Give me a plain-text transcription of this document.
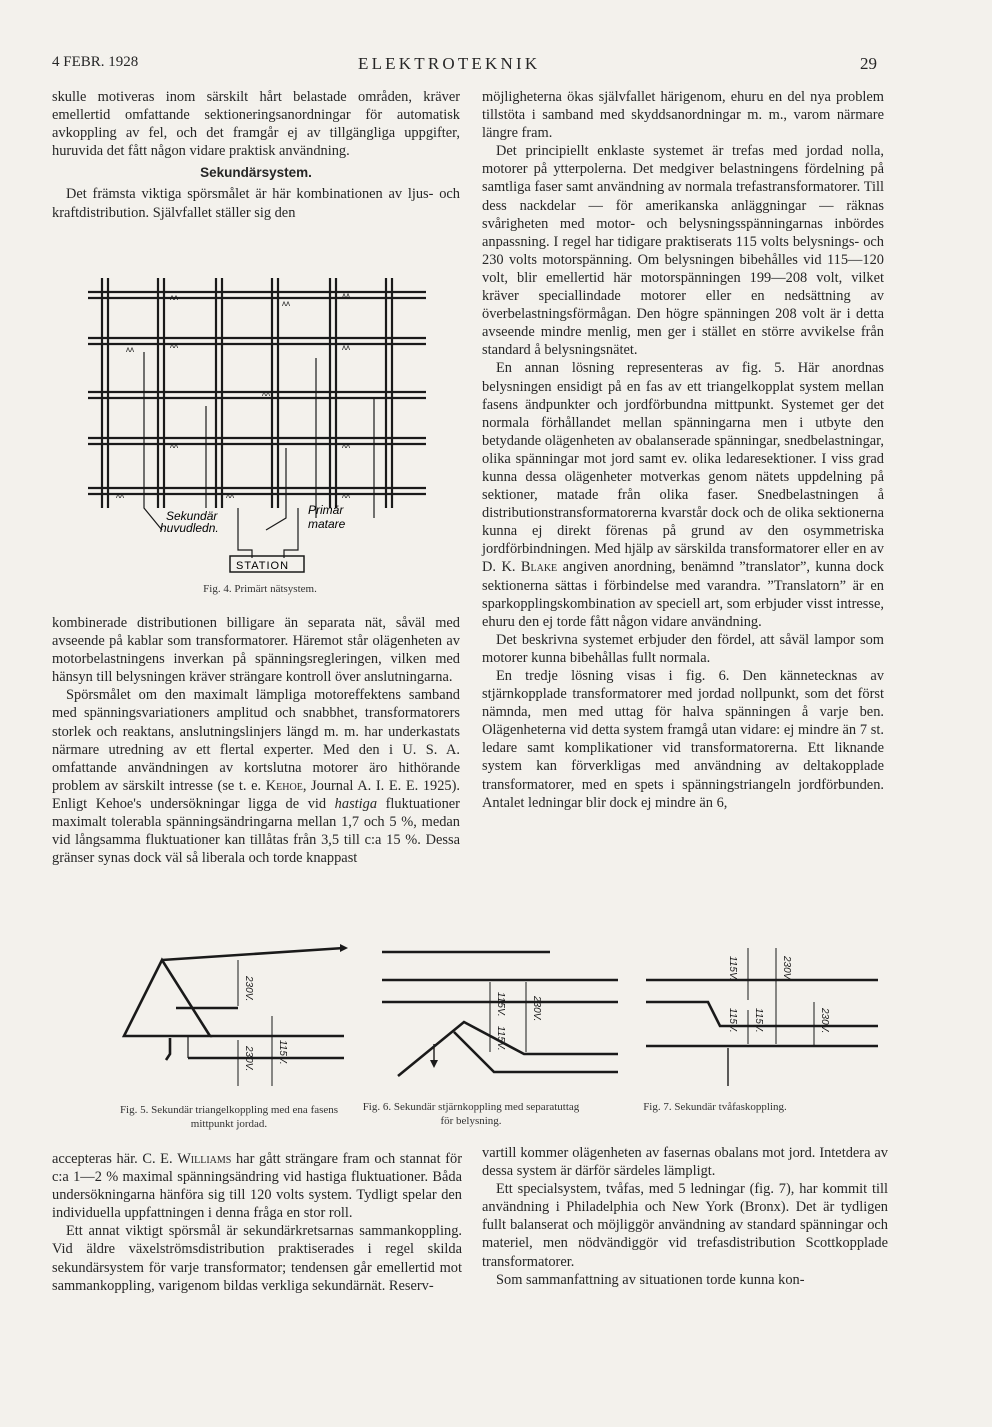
4 FEBR. 1928	ELEKTROTEKNIK	29

skulle motiveras inom särskilt hårt belastade områden, kräver emellertid omfattande sektioneringsanordningar för automatisk avkoppling av fel, och det framgår ej av tillgängliga uppgifter, huruvida det fått någon vidare praktisk användning.

Sekundärsystem.

Det främsta viktiga spörsmålet är här kombinationen av ljus- och kraftdistribution. Självfallet ställer sig den

ᴧᴧ
ᴧᴧ
ᴧᴧ
ᴧᴧ
ᴧᴧ	ᴧᴧ
ᴧᴧ
ᴧᴧ	ᴧᴧ
ᴧᴧ	ᴧᴧ	ᴧᴧ
Sekundär
huvudledn.
Primär
matare
STATION
Fig. 4. Primärt nätsystem.

kombinerade distributionen billigare än separata nät, såväl med avseende på kablar som transformatorer. Häremot står olägenheten av motorbelastningens inverkan på spänningsregleringen, vilken med hänsyn till belysningen kräver strängare kontroll över anslutningarna.

Spörsmålet om den maximalt lämpliga motoreffektens samband med spänningsvariationers amplitud och snabbhet, transformatorers storlek och reaktans, anslutningslinjers längd m. m. har underkastats närmare utredning av ett flertal experter. Med den i U. S. A. omfattande användningen av kortslutna motorer äro hithörande problem av särskilt intresse (se t. e. Kehoe, Journal A. I. E. E. 1925). Enligt Kehoe's undersökningar ligga de vid hastiga fluktuationer maximalt tolerabla spänningsändringarna mellan 1,7 och 5 %, medan vid långsamma fluktuationer kan tillåtas från 3,5 till c:a 15 %. Dessa gränser synas dock väl så liberala och torde knappast

möjligheterna ökas självfallet härigenom, ehuru en del nya problem tillstöta i samband med skyddsanordningar m. m., varom närmare längre fram.

Det principiellt enklaste systemet är trefas med jordad nolla, motorer på ytterpolerna. Det medgiver belastningens fördelning på samtliga faser samt användning av normala trefastransformatorer. Till dess nackdelar — för amerikanska anläggningar — räknas svårigheten med motor- och belysningsspänningarnas inbördes anpassning. I regel har tidigare praktiserats 115 volts belysnings- och 230 volts motorspänning. Om belysningen bibehålles vid 115—120 volt, blir emellertid här motorspänningen 199—208 volt, vilket kräver speciallindade motorer eller en nedsättning av överbelastningsförmågan. Den högre spänningen 208 volt är i detta avseende mindre menlig, men ger i stället en större avvikelse från standard å belysningsnätet.

En annan lösning representeras av fig. 5. Här anordnas belysningen ensidigt på en fas av ett triangelkopplat system mellan fasens ändpunkter och jordförbundna mittpunkt. Systemet ger det normala förhållandet mellan spänningarna men i utbyte den betydande olägenheten av obalanserade spänningar, snedbelastningar, olika spänningar mot jord samt ev. olika ledaresektioner. I viss grad kunna dessa olägenheter motverkas genom nätets uppdelning på sektioner, matade från olika faser. Snedbelastningen å distributionstransformatorerna kvarstår dock och de olika sektionerna kunna ej direkt förenas på grund av den osymmetriska jordförbindningen. Med hjälp av särskilda transformatorer eller en av D. K. Blake angiven anordning, benämnd ”translator”, kunna dock sektionerna sättas i förbindelse med varandra. ”Translatorn” är en sparkopplingskombination av speciell art, som erbjuder visst intresse, ehuru den ej torde fått någon vidare användning.

Det beskrivna systemet erbjuder den fördel, att såväl lampor som motorer kunna bibehållas fullt normala.

En tredje lösning visas i fig. 6. Den kännetecknas av stjärnkopplade transformatorer med jordad nollpunkt, som det först nämnda, men med uttag för halva spänningen å varje ben. Olägenheterna vid detta system framgå utan vidare: ej mindre än 7 st. ledare samt komplikationer vid transformatorerna. Ett liknande system kan förverkligas med användning av deltakopplade transformatorer, med en spets i spänningstriangeln jordförbunden. Antalet ledningar blir dock ej mindre än 6,

230V.
230V. 115V.
115V.
115V.
230V.
115V.	230V.
115V. 115V.	230V.
Fig. 5. Sekundär triangelkoppling med ena fasens mittpunkt jordad.
Fig. 6. Sekundär stjärnkoppling med separatuttag för belysning.
Fig. 7. Sekundär tvåfaskoppling.

accepteras här. C. E. Williams har gått strängare fram och stannat för c:a 1—2 % maximal spänningsändring vid hastiga fluktuationer. Båda undersökningarna hänföra sig till 120 volts system. Tydligt spelar den individuella uppfattningen i denna fråga en stor roll.

Ett annat viktigt spörsmål är sekundärkretsarnas sammankoppling. Vid äldre växelströmsdistribution praktiserades i regel skilda sekundärsystem för varje transformator; tendensen går emellertid mot sammankoppling, varigenom bildas verkliga sekundärnät. Reserv-

vartill kommer olägenheten av fasernas obalans mot jord. Intetdera av dessa system är därför särdeles lämpligt.

Ett specialsystem, tvåfas, med 5 ledningar (fig. 7), har kommit till användning i Philadelphia och New York (Bronx). Det är tydligen fullt balanserat och möjliggör användning av standard spänningar och materiel, men nödvändiggör vid trefasdistribution Scottkopplade transformatorer.

Som sammanfattning av situationen torde kunna kon-
